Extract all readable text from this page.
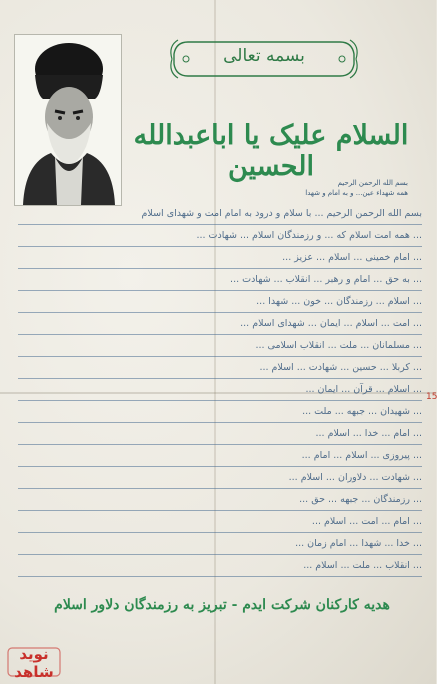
بسمه تعالی
السلام علیک یا اباعبدالله الحسین
بسم الله الرحمن الرحیم
همه شهداء عین... و به امام و شهدا
بسم الله الرحمن الرحیم ... با سلام و درود به امام امت و شهدای اسلام
... همه امت اسلام که ... و رزمندگان اسلام ... شهادت ...
... امام خمینی ... اسلام ... عزیز ...
... به حق ... امام و رهبر ... انقلاب ... شهادت ...
... اسلام ... رزمندگان ... خون ... شهدا ...
... امت ... اسلام ... ایمان ... شهدای اسلام ...
... مسلمانان ... ملت ... انقلاب اسلامی ...
... کربلا ... حسین ... شهادت ... اسلام ...
... اسلام ... قرآن ... ایمان ...
... شهیدان ... جبهه ... ملت ...
... امام ... خدا ... اسلام ...
... پیروزی ... اسلام ... امام ...
... شهادت ... دلاوران ... اسلام ...
... رزمندگان ... جبهه ... حق ...
... امام ... امت ... اسلام ...
... خدا ... شهدا ... امام زمان ...
... انقلاب ... ملت ... اسلام ...
15
هدیه کارکنان شرکت ایدم - تبریز به رزمندگان دلاور اسلام
نوید شاهد
